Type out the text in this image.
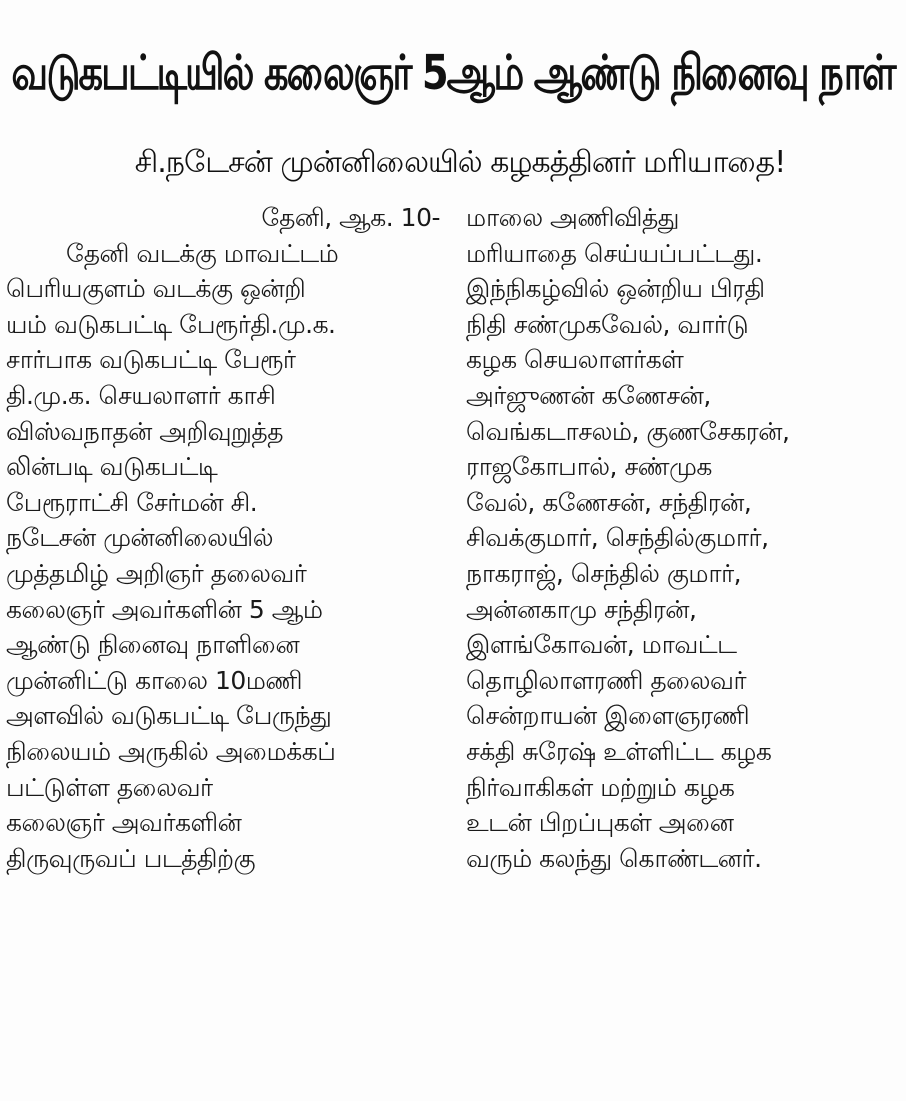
வடுகபட்டியில் கலைஞர் 5ஆம் ஆண்டு நினைவு நாள்
சி.நடேசன் முன்னிலையில் கழகத்தினர் மரியாதை!
தேனி, ஆக. 10-
தேனி வடக்கு மாவட்டம்
பெரியகுளம் வடக்கு ஒன்றி
யம் வடுகபட்டி பேரூர்தி.மு.க.
சார்பாக வடுகபட்டி பேரூர்
தி.மு.க. செயலாளர் காசி
விஸ்வநாதன் அறிவுறுத்த
லின்படி வடுகபட்டி
பேரூராட்சி சேர்மன் சி.
நடேசன் முன்னிலையில்
முத்தமிழ் அறிஞர் தலைவர்
கலைஞர் அவர்களின் 5 ஆம்
ஆண்டு நினைவு நாளினை
முன்னிட்டு காலை 10மணி
அளவில் வடுகபட்டி பேருந்து
நிலையம் அருகில் அமைக்கப்
பட்டுள்ள தலைவர்
கலைஞர் அவர்களின்
திருவுருவப் படத்திற்கு
மாலை அணிவித்து
மரியாதை செய்யப்பட்டது.
இந்நிகழ்வில் ஒன்றிய பிரதி
நிதி சண்முகவேல், வார்டு
கழக செயலாளர்கள்
அர்ஜுணன் கணேசன்,
வெங்கடாசலம், குணசேகரன்,
ராஜகோபால், சண்முக
வேல், கணேசன், சந்திரன்,
சிவக்குமார், செந்தில்குமார்,
நாகராஜ், செந்தில் குமார்,
அன்னகாமு சந்திரன்,
இளங்கோவன், மாவட்ட
தொழிலாளரணி தலைவர்
சென்றாயன் இளைஞரணி
சக்தி சுரேஷ் உள்ளிட்ட கழக
நிர்வாகிகள் மற்றும் கழக
உடன் பிறப்புகள் அனை
வரும் கலந்து கொண்டனர்.
